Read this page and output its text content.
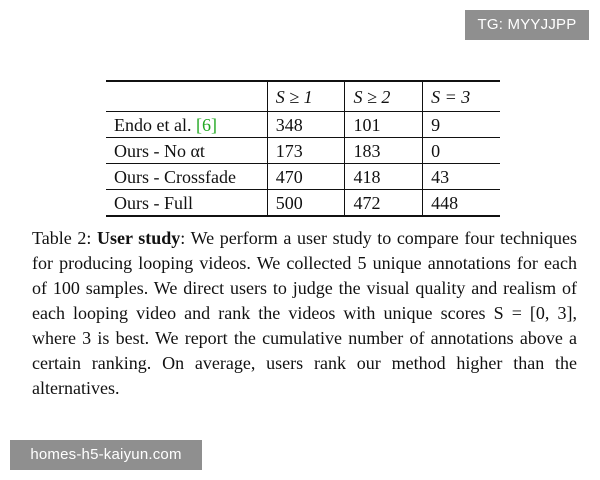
TG: MYYJJPP
	S ≥ 1	S ≥ 2	S = 3
Endo et al. [6]	348	101	9
Ours - No αt	173	183	0
Ours - Crossfade	470	418	43
Ours - Full	500	472	448
Table 2: User study: We perform a user study to compare four techniques for producing looping videos. We collected 5 unique annotations for each of 100 samples. We direct users to judge the visual quality and realism of each looping video and rank the videos with unique scores S = [0, 3], where 3 is best. We report the cumulative number of annotations above a certain ranking. On average, users rank our method higher than the alternatives.
homes-h5-kaiyun.com
